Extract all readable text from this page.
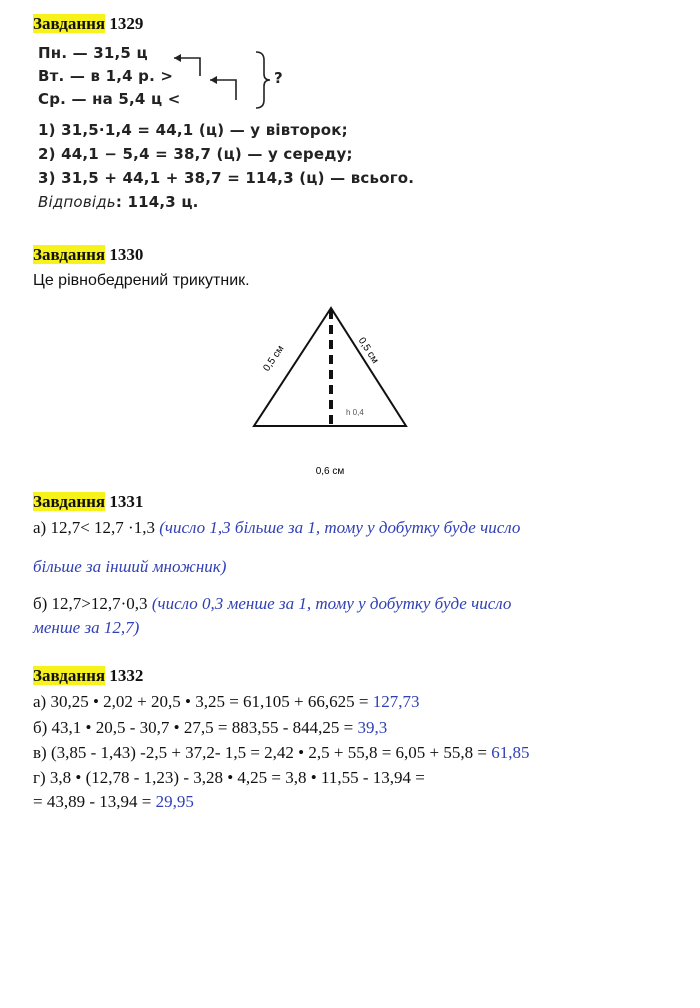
Завдання 1329
Пн. — 31,5 ц
Вт. — в 1,4 р. >
Ср. — на 5,4 ц <
?
1) 31,5·1,4 = 44,1 (ц) — у вівторок;
2) 44,1 − 5,4 = 38,7 (ц) — у середу;
3) 31,5 + 44,1 + 38,7 = 114,3 (ц) — всього.
Відповідь: 114,3 ц.
Завдання 1330
Це рівнобедрений трикутник.
0,5 см	0,5 см
h 0,4
0,6 см
Завдання 1331
а) 12,7< 12,7 ·1,3 (число 1,3 більше за 1, тому у добутку буде число
більше за інший множник)
б) 12,7>12,7·0,3 (число 0,3 менше за 1, тому у добутку буде число
менше за 12,7)
Завдання 1332
а) 30,25 • 2,02 + 20,5 • 3,25 = 61,105 + 66,625 = 127,73
б) 43,1 • 20,5 - 30,7 • 27,5 = 883,55 - 844,25 = 39,3
в) (3,85 - 1,43) -2,5 + 37,2- 1,5 = 2,42 • 2,5 + 55,8 = 6,05 + 55,8 = 61,85
г) 3,8 • (12,78 - 1,23) - 3,28 • 4,25 = 3,8 • 11,55 - 13,94 =
= 43,89 - 13,94 = 29,95
